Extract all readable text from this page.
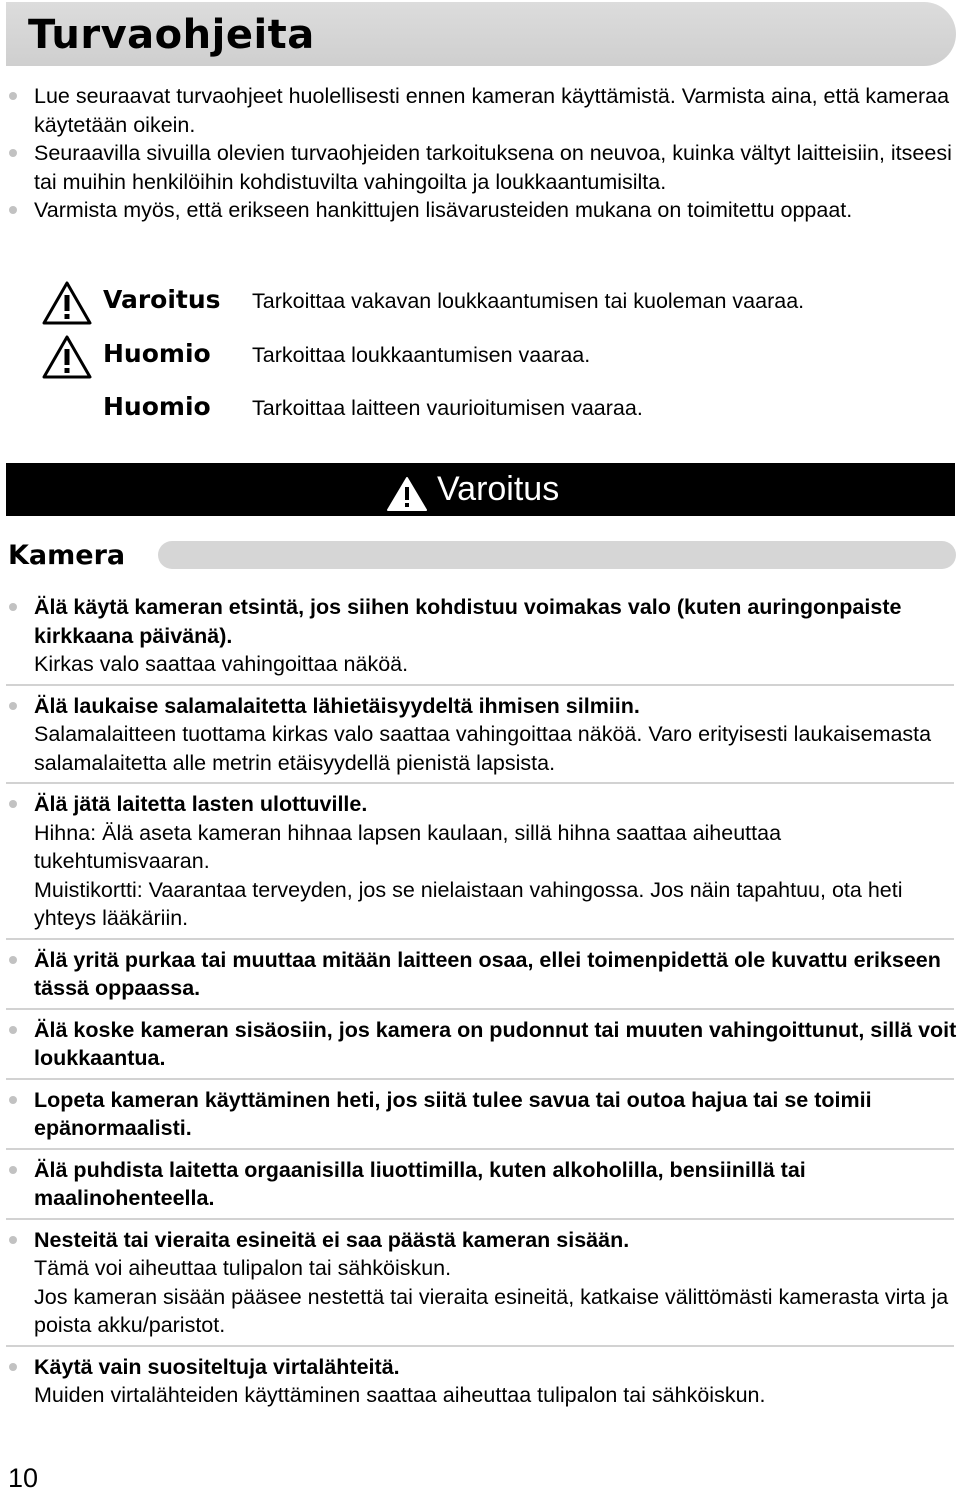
Turvaohjeita
Lue seuraavat turvaohjeet huolellisesti ennen kameran käyttämistä. Varmista aina, että kameraa käytetään oikein.
Seuraavilla sivuilla olevien turvaohjeiden tarkoituksena on neuvoa, kuinka vältyt laitteisiin, itseesi tai muihin henkilöihin kohdistuvilta vahingoilta ja loukkaantumisilta.
Varmista myös, että erikseen hankittujen lisävarusteiden mukana on toimitettu oppaat.
Varoitus Tarkoittaa vakavan loukkaantumisen tai kuoleman vaaraa.
Huomio Tarkoittaa loukkaantumisen vaaraa.
Huomio Tarkoittaa laitteen vaurioitumisen vaaraa.
Varoitus
Kamera
Älä käytä kameran etsintä, jos siihen kohdistuu voimakas valo (kuten auringonpaiste kirkkaana päivänä).
Kirkas valo saattaa vahingoittaa näköä.
Älä laukaise salamalaitetta lähietäisyydeltä ihmisen silmiin.
Salamalaitteen tuottama kirkas valo saattaa vahingoittaa näköä. Varo erityisesti laukaisemasta salamalaitetta alle metrin etäisyydellä pienistä lapsista.
Älä jätä laitetta lasten ulottuville.
Hihna: Älä aseta kameran hihnaa lapsen kaulaan, sillä hihna saattaa aiheuttaa tukehtumisvaaran.
Muistikortti: Vaarantaa terveyden, jos se nielaistaan vahingossa. Jos näin tapahtuu, ota heti yhteys lääkäriin.
Älä yritä purkaa tai muuttaa mitään laitteen osaa, ellei toimenpidettä ole kuvattu erikseen tässä oppaassa.
Älä koske kameran sisäosiin, jos kamera on pudonnut tai muuten vahingoittunut, sillä voit loukkaantua.
Lopeta kameran käyttäminen heti, jos siitä tulee savua tai outoa hajua tai se toimii epänormaalisti.
Älä puhdista laitetta orgaanisilla liuottimilla, kuten alkoholilla, bensiinillä tai maalinohenteella.
Nesteitä tai vieraita esineitä ei saa päästä kameran sisään.
Tämä voi aiheuttaa tulipalon tai sähköiskun.
Jos kameran sisään pääsee nestettä tai vieraita esineitä, katkaise välittömästi kamerasta virta ja poista akku/paristot.
Käytä vain suositeltuja virtalähteitä.
Muiden virtalähteiden käyttäminen saattaa aiheuttaa tulipalon tai sähköiskun.
10
